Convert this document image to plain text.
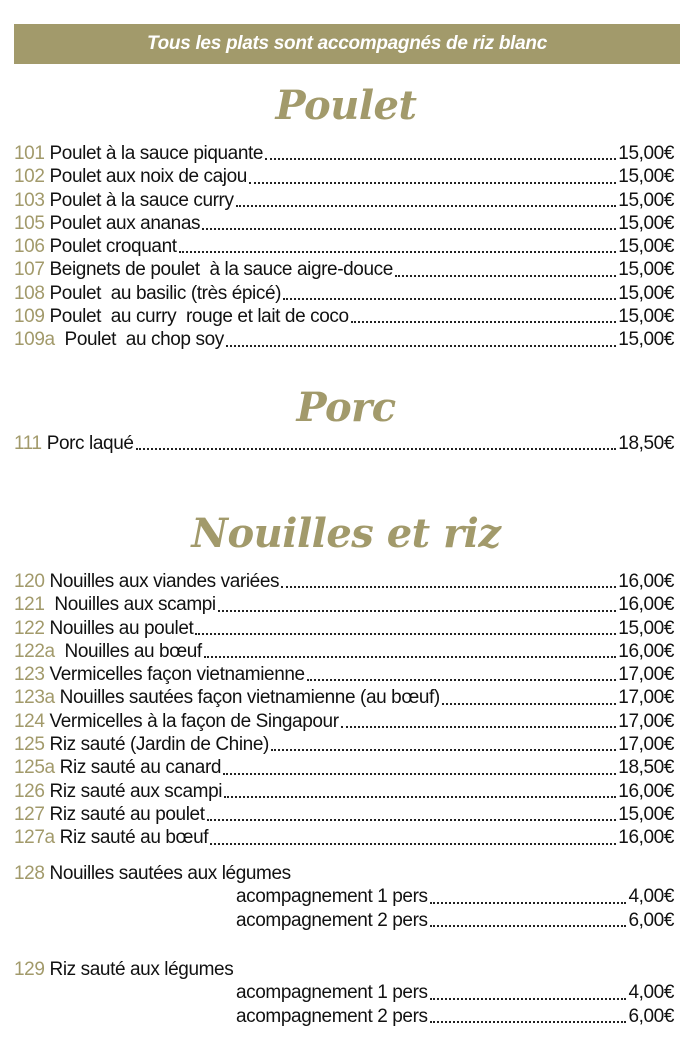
Tous les plats sont accompagnés de riz blanc
Poulet
101 Poulet à la sauce piquante	15,00€
102 Poulet aux noix de cajou	15,00€
103 Poulet à la sauce curry	15,00€
105 Poulet aux ananas	15,00€
106 Poulet croquant	15,00€
107 Beignets de poulet  à la sauce aigre-douce	15,00€
108 Poulet  au basilic (très épicé)	15,00€
109 Poulet  au curry  rouge et lait de coco	15,00€
109a Poulet  au chop soy	15,00€
Porc
111 Porc laqué	18,50€
Nouilles et riz
120 Nouilles aux viandes variées	16,00€
121 Nouilles aux scampi	16,00€
122 Nouilles au poulet	15,00€
122a Nouilles au bœuf	16,00€
123 Vermicelles façon vietnamienne	17,00€
123a Nouilles sautées façon vietnamienne (au bœuf)	17,00€
124 Vermicelles à la façon de Singapour	17,00€
125 Riz sauté (Jardin de Chine)	17,00€
125a Riz sauté au canard	18,50€
126 Riz sauté aux scampi	16,00€
127 Riz sauté au poulet	15,00€
127a Riz sauté au bœuf	16,00€
128 Nouilles sautées aux légumes
acompagnement 1 pers	4,00€
acompagnement 2 pers	6,00€
129 Riz sauté aux légumes
acompagnement 1 pers	4,00€
acompagnement 2 pers	6,00€
